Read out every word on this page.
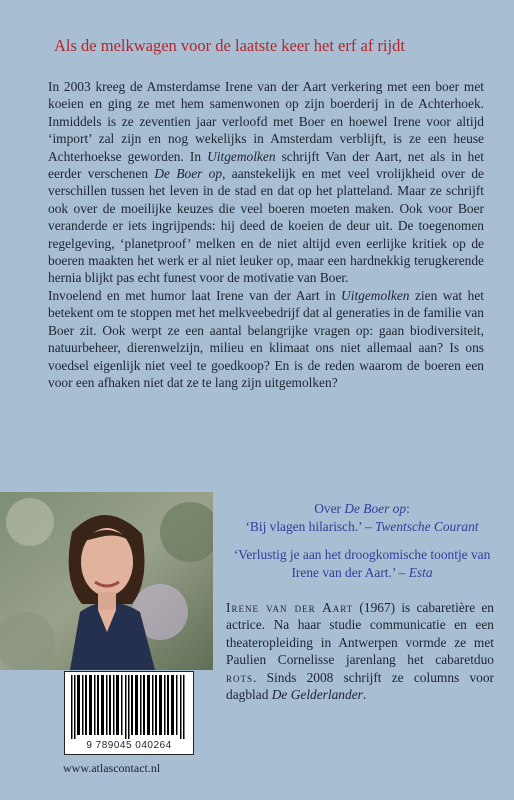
Als de melkwagen voor de laatste keer het erf af rijdt

In 2003 kreeg de Amsterdamse Irene van der Aart verkering met een boer met koeien en ging ze met hem samenwonen op zijn boerderij in de Achterhoek. Inmiddels is ze zeventien jaar verloofd met Boer en hoewel Irene voor altijd ‘import’ zal zijn en nog wekelijks in Amsterdam verblijft, is ze een heuse Achterhoekse geworden. In Uitgemolken schrijft Van der Aart, net als in het eerder verschenen De Boer op, aanstekelijk en met veel vrolijkheid over de verschillen tussen het leven in de stad en dat op het platteland. Maar ze schrijft ook over de moeilijke keuzes die veel boeren moeten maken. Ook voor Boer veranderde er iets ingrijpends: hij deed de koeien de deur uit. De toegenomen regelgeving, ‘planetproof’ melken en de niet altijd even eerlijke kritiek op de boeren maakten het werk er al niet leuker op, maar een hardnekkig terugkerende hernia blijkt pas echt funest voor de motivatie van Boer.

Invoelend en met humor laat Irene van der Aart in Uitgemolken zien wat het betekent om te stoppen met het melkveebedrijf dat al generaties in de familie van Boer zit. Ook werpt ze een aantal belangrijke vragen op: gaan biodiversiteit, natuurbeheer, dierenwelzijn, milieu en klimaat ons niet allemaal aan? Is ons voedsel eigenlijk niet veel te goedkoop? En is de reden waarom de boeren een voor een afhaken niet dat ze te lang zijn uitgemolken?

9 789045 040264
www.atlascontact.nl

Over De Boer op:
‘Bij vlagen hilarisch.’ – Twentsche Courant

‘Verlustig je aan het droogkomische toontje van Irene van der Aart.’ – Esta

Irene van der Aart (1967) is cabaretière en actrice. Na haar studie communicatie en een theateropleiding in Antwerpen vormde ze met Paulien Cornelisse jarenlang het cabaretduo rots. Sinds 2008 schrijft ze columns voor dagblad De Gelderlander.
